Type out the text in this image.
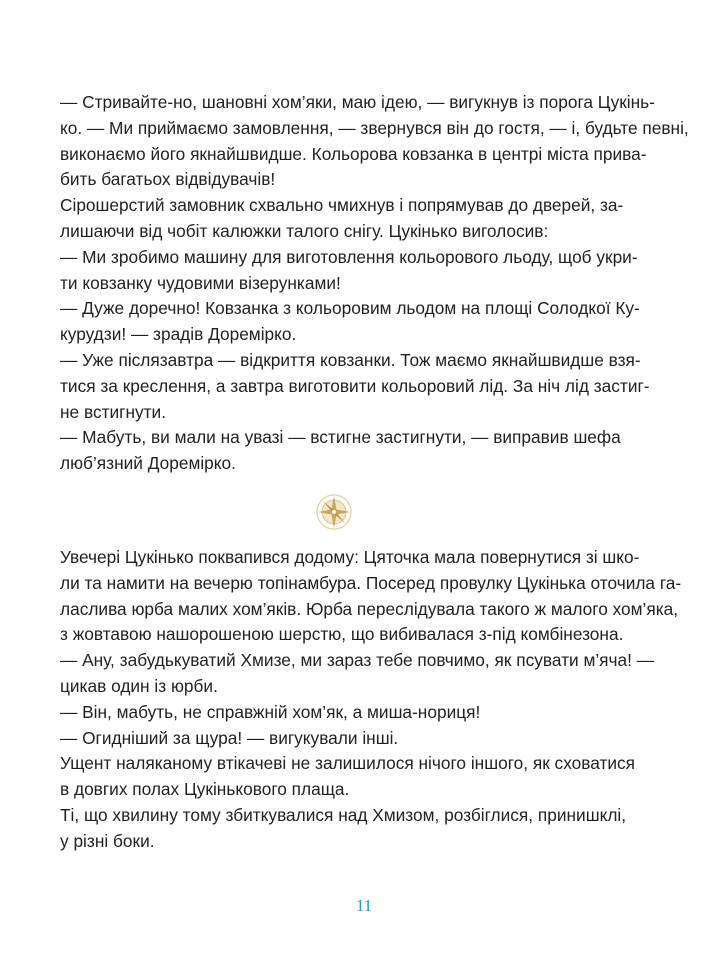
— Стривайте-но, шановні хом’яки, маю ідею, — вигукнув із порога Цукінь-
ко. — Ми приймаємо замовлення, — звернувся він до гостя, — і, будьте певні,
виконаємо його якнайшвидше. Кольорова ковзанка в центрі міста прива-
бить багатьох відвідувачів!

Сірошерстий замовник схвально чмихнув і попрямував до дверей, за-
лишаючи від чобіт калюжки талого снігу. Цукінько виголосив:

— Ми зробимо машину для виготовлення кольорового льоду, щоб укри-
ти ковзанку чудовими візерунками!

— Дуже доречно! Ковзанка з кольоровим льодом на площі Солодкої Ку-
курудзи! — зрадів Доремірко.

— Уже післязавтра — відкриття ковзанки. Тож маємо якнайшвидше взя-
тися за креслення, а завтра виготовити кольоровий лід. За ніч лід застиг-
не встигнути.

— Мабуть, ви мали на увазі — встигне застигнути, — виправив шефа
люб’язний Доремірко.

Увечері Цукінько поквапився додому: Цяточка мала повернутися зі шко-
ли та намити на вечерю топінамбура. Посеред провулку Цукінька оточила га-
ласлива юрба малих хом’яків. Юрба переслідувала такого ж малого хом’яка,
з жовтавою нашорошеною шерстю, що вибивалася з-під комбінезона.

— Ану, забудькуватий Хмизе, ми зараз тебе повчимо, як псувати м’яча! —
цикав один із юрби.

— Він, мабуть, не справжній хом’як, а миша-нориця!

— Огидніший за щура! — вигукували інші.

Ущент наляканому втікачеві не залишилося нічого іншого, як сховатися
в довгих полах Цукінькового плаща.

Ті, що хвилину тому збиткувалися над Хмизом, розбіглися, принишклі,
у різні боки.

11
